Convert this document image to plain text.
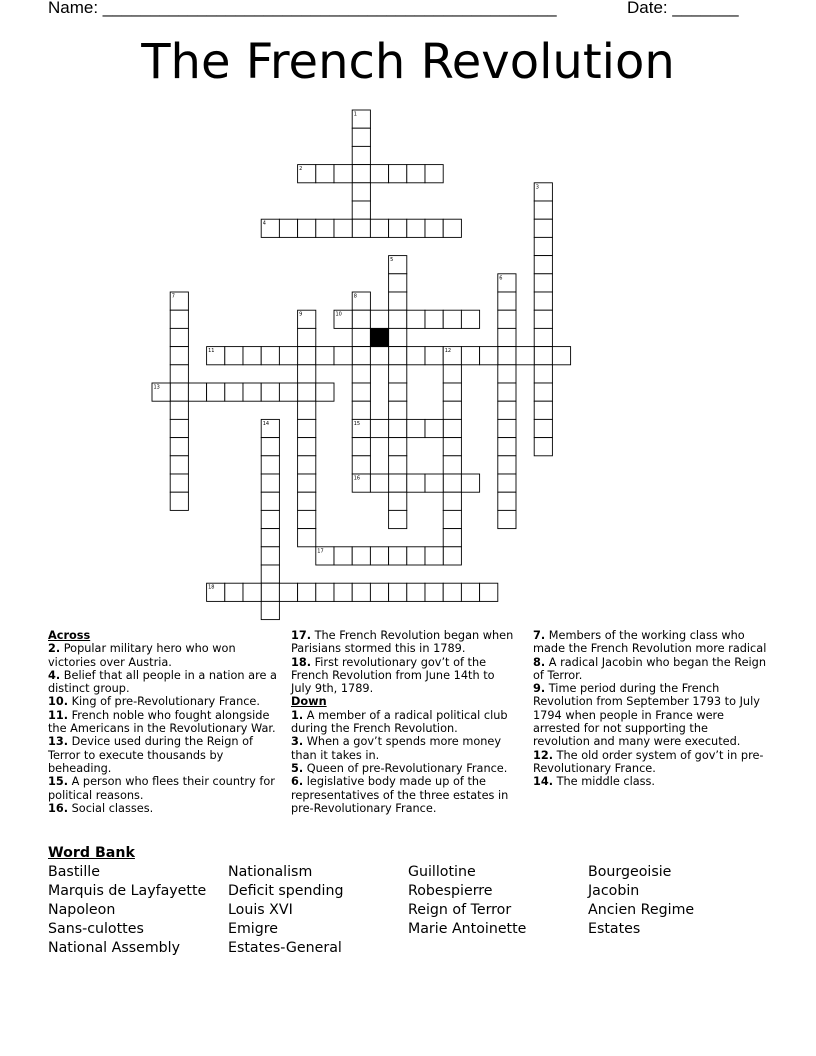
Name: ________________________________________________	Date: _______
The French Revolution
1
2
3
4
5
6
7	8
9	10
11	12
13
14	15
16
17
18
Across

2. Popular military hero who won victories over Austria.

4. Belief that all people in a nation are a distinct group.

10. King of pre-Revolutionary France.

11. French noble who fought alongside the Americans in the Revolutionary War.

13. Device used during the Reign of Terror to execute thousands by beheading.

15. A person who flees their country for political reasons.

16. Social classes.

17. The French Revolution began when Parisians stormed this in 1789.

18. First revolutionary gov’t of the French Revolution from June 14th to July 9th, 1789.

Down

1. A member of a radical political club during the French Revolution.

3. When a gov’t spends more money than it takes in.

5. Queen of pre-Revolutionary France.

6. legislative body made up of the representatives of the three estates in pre-Revolutionary France.

7. Members of the working class who made the French Revolution more radical

8. A radical Jacobin who began the Reign of Terror.

9. Time period during the French Revolution from September 1793 to July 1794 when people in France were arrested for not supporting the revolution and many were executed.

12. The old order system of gov’t in pre-Revolutionary France.

14. The middle class.

Word Bank
Bastille
Marquis de Layfayette
Napoleon
Sans-culottes
National Assembly
Nationalism
Deficit spending
Louis XVI
Emigre
Estates-General
Guillotine
Robespierre
Reign of Terror
Marie Antoinette
Bourgeoisie
Jacobin
Ancien Regime
Estates
